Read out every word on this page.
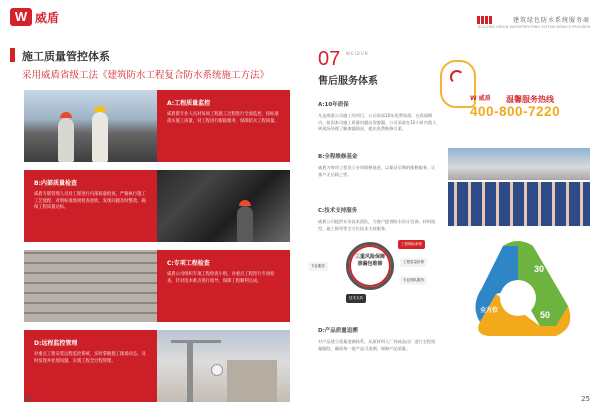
W 威盾
施工质量管控体系
采用威盾省级工法《建筑防水工程复合防水系统施工方法》
A:工程质量监控
威盾派专业人员对每项工程施工过程进行全面监控，按标准落实施工质量，对工程进行跟踪服务，保障防水工程质量。
B:内部质量检查
威盾专职管理人员对工程进行内部质量检查，严格执行施工工艺流程，对照标准逐项检查验收，发现问题及时整改，确保工程质量达标。
C:专项工程检查
威盾公司组织专项工程检查小组，对重点工程进行专项检查，针对技术难点进行指导，保障工程顺利完成。
D:远程监控管理
对重点工程安装远程监控系统，实时掌握施工现场动态，及时发现并处理问题，实现工程全过程管理。
24
建筑绿色防水系统服务商
BUILDING GREEN WATERPROOFING SYSTEM SERVICE PROVIDER
07 WEIDUN
售后服务体系
W 威盾 温馨服务热线
400-800-7220
A:10年质保
凡是威盾公司施工的项目，公司承诺10年免费质保。在质保期内，如因本司施工质量问题出现渗漏，公司承诺在12小时内派人到现场处理了解渗漏情况，提出免费维修方案。
B:全程维修基金
威盾为每项工程设立专项维修基金，以保证后期的维修服务，让客户无后顾之忧。
C:技术支持服务
威盾公司提供专业技术团队，为客户提供防水设计咨询、材料选型、施工指导等全方位技术支持服务。
D:产品质量追溯
对产品建立质量追溯体系，从原材料入厂到成品出厂进行全程质量跟踪，确保每一批产品可追溯，保障产品质量。
三重风险保障 渗漏包维修
工程保险承保
工程质量担保
专业服务
技术支持
专业团队服务
30
50
全方位
25
